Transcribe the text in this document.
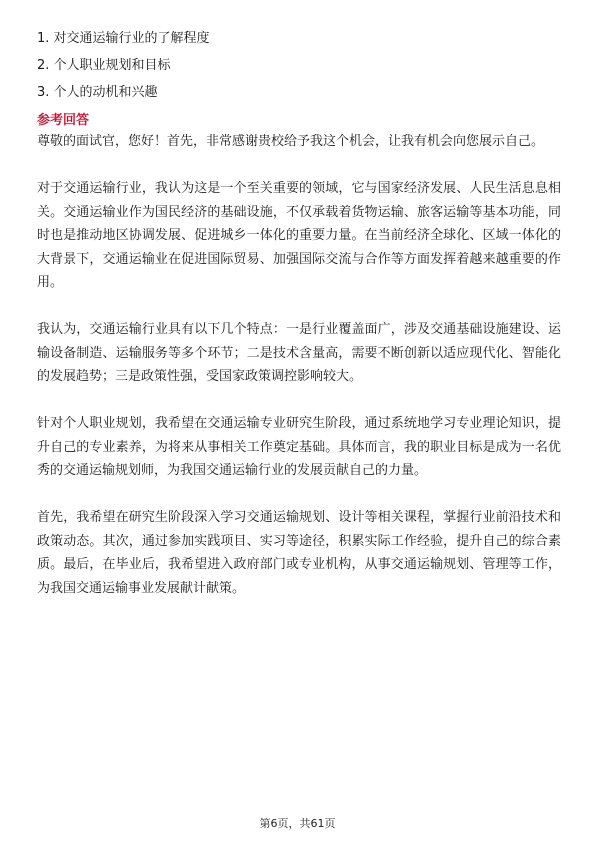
1. 对交通运输行业的了解程度
2. 个人职业规划和目标
3. 个人的动机和兴趣
参考回答

尊敬的面试官，您好！首先，非常感谢贵校给予我这个机会，让我有机会向您展示自己。

对于交通运输行业，我认为这是一个至关重要的领域，它与国家经济发展、人民生活息息相关。交通运输业作为国民经济的基础设施，不仅承载着货物运输、旅客运输等基本功能，同时也是推动地区协调发展、促进城乡一体化的重要力量。在当前经济全球化、区域一体化的大背景下，交通运输业在促进国际贸易、加强国际交流与合作等方面发挥着越来越重要的作用。

我认为，交通运输行业具有以下几个特点：一是行业覆盖面广，涉及交通基础设施建设、运输设备制造、运输服务等多个环节；二是技术含量高，需要不断创新以适应现代化、智能化的发展趋势；三是政策性强，受国家政策调控影响较大。

针对个人职业规划，我希望在交通运输专业研究生阶段，通过系统地学习专业理论知识，提升自己的专业素养，为将来从事相关工作奠定基础。具体而言，我的职业目标是成为一名优秀的交通运输规划师，为我国交通运输行业的发展贡献自己的力量。

首先，我希望在研究生阶段深入学习交通运输规划、设计等相关课程，掌握行业前沿技术和政策动态。其次，通过参加实践项目、实习等途径，积累实际工作经验，提升自己的综合素质。最后，在毕业后，我希望进入政府部门或专业机构，从事交通运输规划、管理等工作，为我国交通运输事业发展献计献策。

第6页，共61页
